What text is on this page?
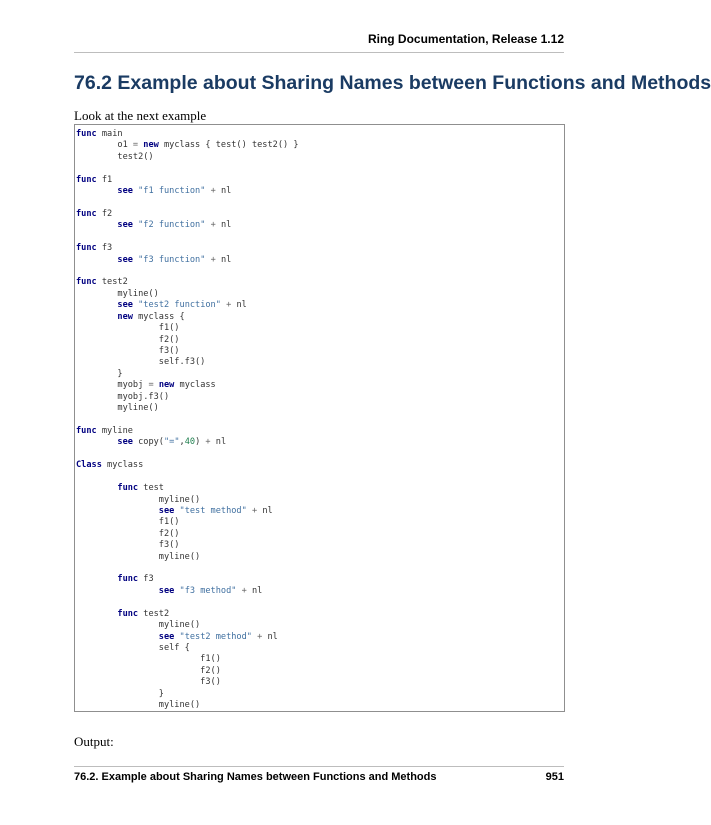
Ring Documentation, Release 1.12
76.2 Example about Sharing Names between Functions and Methods
Look at the next example
func main
o1 = new myclass { test() test2() }
test2()
func f1
see "f1 function" + nl
func f2
see "f2 function" + nl
func f3
see "f3 function" + nl
func test2
myline()
see "test2 function" + nl
new myclass {
f1()
f2()
f3()
self.f3()
}
myobj = new myclass
myobj.f3()
myline()
func myline
see copy("=",40) + nl
Class myclass
func test
myline()
see "test method" + nl
f1()
f2()
f3()
myline()
func f3
see "f3 method" + nl
func test2
myline()
see "test2 method" + nl
self {
f1()
f2()
f3()
}
myline()
Output:
76.2. Example about Sharing Names between Functions and Methods	951
